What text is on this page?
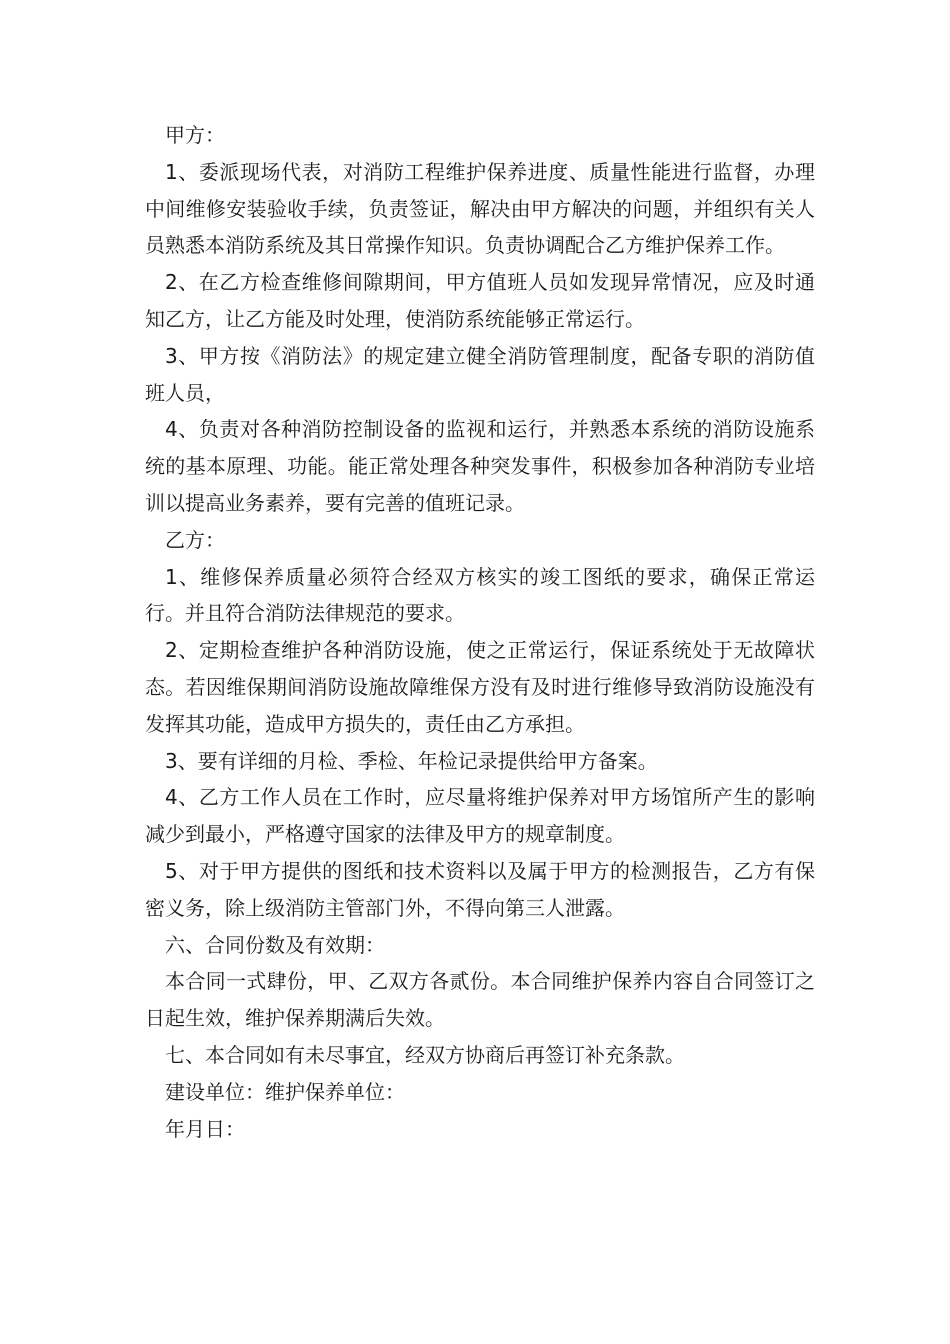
甲方：

1、委派现场代表，对消防工程维护保养进度、质量性能进行监督，办理中间维修安装验收手续，负责签证，解决由甲方解决的问题，并组织有关人员熟悉本消防系统及其日常操作知识。负责协调配合乙方维护保养工作。

2、在乙方检查维修间隙期间，甲方值班人员如发现异常情况，应及时通知乙方，让乙方能及时处理，使消防系统能够正常运行。

3、甲方按《消防法》的规定建立健全消防管理制度，配备专职的消防值班人员，

4、负责对各种消防控制设备的监视和运行，并熟悉本系统的消防设施系统的基本原理、功能。能正常处理各种突发事件，积极参加各种消防专业培训以提高业务素养，要有完善的值班记录。

乙方：

1、维修保养质量必须符合经双方核实的竣工图纸的要求，确保正常运行。并且符合消防法律规范的要求。

2、定期检查维护各种消防设施，使之正常运行，保证系统处于无故障状态。若因维保期间消防设施故障维保方没有及时进行维修导致消防设施没有发挥其功能，造成甲方损失的，责任由乙方承担。

3、要有详细的月检、季检、年检记录提供给甲方备案。

4、乙方工作人员在工作时，应尽量将维护保养对甲方场馆所产生的影响减少到最小，严格遵守国家的法律及甲方的规章制度。

5、对于甲方提供的图纸和技术资料以及属于甲方的检测报告，乙方有保密义务，除上级消防主管部门外，不得向第三人泄露。

六、合同份数及有效期：

本合同一式肆份，甲、乙双方各贰份。本合同维护保养内容自合同签订之日起生效，维护保养期满后失效。

七、本合同如有未尽事宜，经双方协商后再签订补充条款。

建设单位：维护保养单位：

年月日：
